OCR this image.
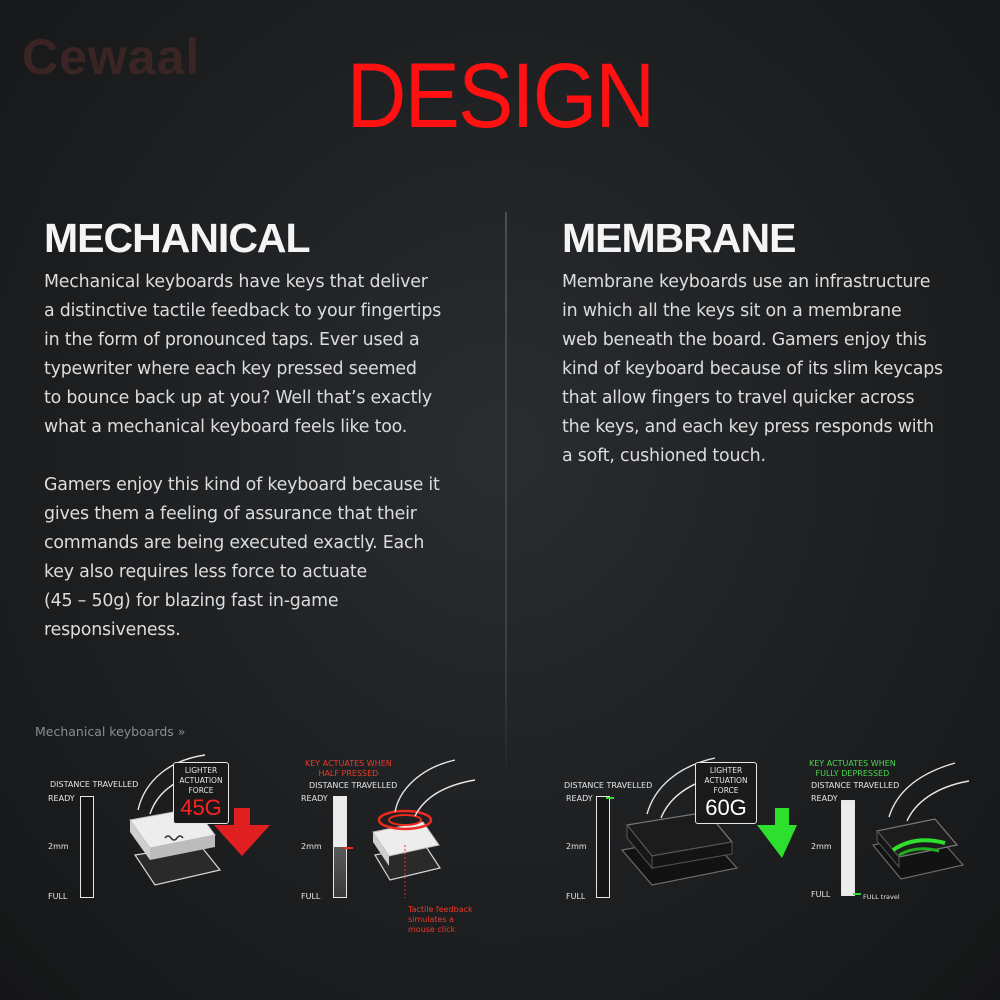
Cewaal	DESIGN
MECHANICAL

Mechanical keyboards have keys that deliver
a distinctive tactile feedback to your fingertips
in the form of pronounced taps. Ever used a
typewriter where each key pressed seemed
to bounce back up at you? Well that’s exactly
what a mechanical keyboard feels like too.

Gamers enjoy this kind of keyboard because it
gives them a feeling of assurance that their
commands are being executed exactly. Each
key also requires less force to actuate
(45 – 50g) for blazing fast in-game
responsiveness.

MEMBRANE

Membrane keyboards use an infrastructure
in which all the keys sit on a membrane
web beneath the board. Gamers enjoy this
kind of keyboard because of its slim keycaps
that allow fingers to travel quicker across
the keys, and each key press responds with
a soft, cushioned touch.

Mechanical keyboards »
DISTANCE TRAVELLED
READY
2mm
FULL
LIGHTER
ACTUATION
FORCE
45G
KEY ACTUATES WHEN
HALF PRESSED
DISTANCE TRAVELLED
READY
2mm
FULL
Tactile feedback
simulates a
mouse click
DISTANCE TRAVELLED
READY
2mm
FULL
LIGHTER
ACTUATION
FORCE
60G
KEY ACTUATES WHEN
FULLY DEPRESSED
DISTANCE TRAVELLED
READY
2mm
FULL	FULL travel
